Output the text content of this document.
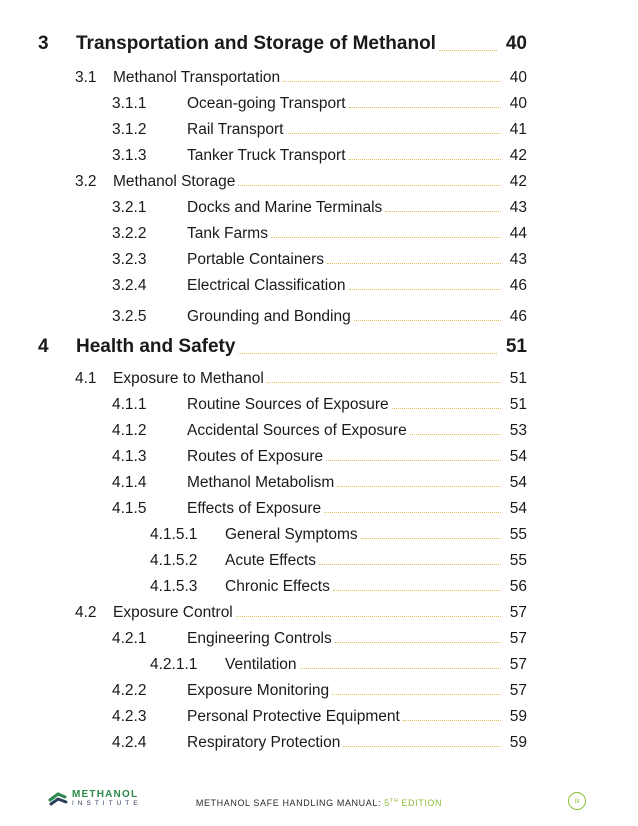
3	Transportation and Storage of Methanol	40
3.1	Methanol Transportation	40
3.1.1	Ocean-going Transport	40
3.1.2	Rail Transport	41
3.1.3	Tanker Truck Transport	42
3.2	Methanol Storage	42
3.2.1	Docks and Marine Terminals	43
3.2.2	Tank Farms	44
3.2.3	Portable Containers	43
3.2.4	Electrical Classification	46
3.2.5	Grounding and Bonding	46
4	Health and Safety	51
4.1	Exposure to Methanol	51
4.1.1	Routine Sources of Exposure	51
4.1.2	Accidental Sources of Exposure	53
4.1.3	Routes of Exposure	54
4.1.4	Methanol Metabolism	54
4.1.5	Effects of Exposure	54
4.1.5.1	General Symptoms	55
4.1.5.2	Acute Effects	55
4.1.5.3	Chronic Effects	56
4.2	Exposure Control	57
4.2.1	Engineering Controls	57
4.2.1.1	Ventilation	57
4.2.2	Exposure Monitoring	57
4.2.3	Personal Protective Equipment	59
4.2.4	Respiratory Protection	59
METHANOL
INSTITUTE	METHANOL SAFE HANDLING MANUAL: 5TH EDITION	iii
